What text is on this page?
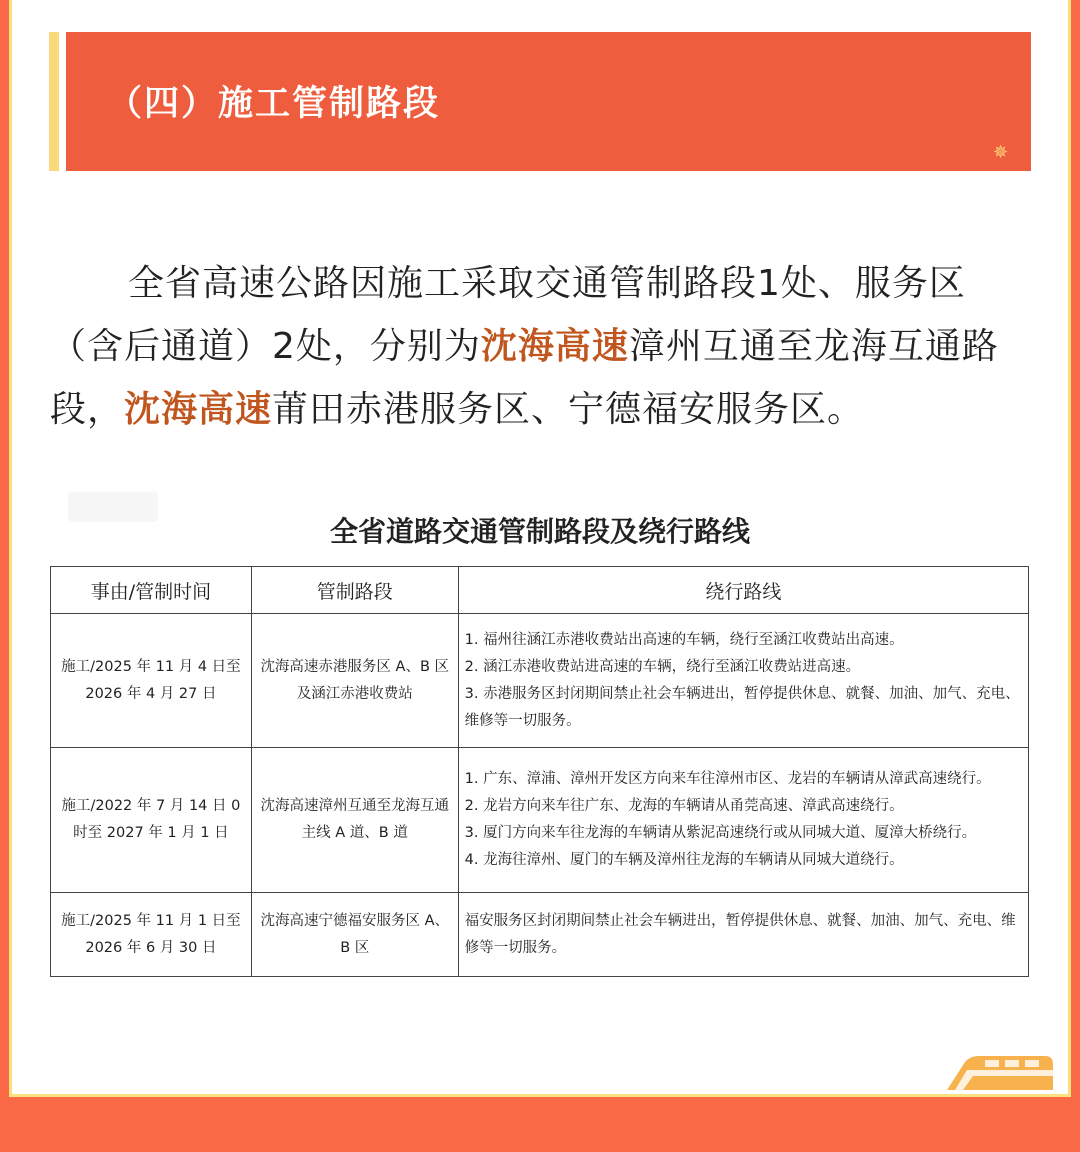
（四）施工管制路段
✵
全省高速公路因施工采取交通管制路段1处、服务区（含后通道）2处，分别为沈海高速漳州互通至龙海互通路段，沈海高速莆田赤港服务区、宁德福安服务区。
全省道路交通管制路段及绕行路线
事由/管制时间	管制路段	绕行路线
施工/2025 年 11 月 4 日至 2026 年 4 月 27 日	沈海高速赤港服务区 A、B 区及涵江赤港收费站	1. 福州往涵江赤港收费站出高速的车辆，绕行至涵江收费站出高速。
2. 涵江赤港收费站进高速的车辆，绕行至涵江收费站进高速。
3. 赤港服务区封闭期间禁止社会车辆进出，暂停提供休息、就餐、加油、加气、充电、维修等一切服务。

施工/2022 年 7 月 14 日 0 时至 2027 年 1 月 1 日	沈海高速漳州互通至龙海互通主线 A 道、B 道	1. 广东、漳浦、漳州开发区方向来车往漳州市区、龙岩的车辆请从漳武高速绕行。
2. 龙岩方向来车往广东、龙海的车辆请从甬莞高速、漳武高速绕行。
3. 厦门方向来车往龙海的车辆请从紫泥高速绕行或从同城大道、厦漳大桥绕行。
4. 龙海往漳州、厦门的车辆及漳州往龙海的车辆请从同城大道绕行。

施工/2025 年 11 月 1 日至 2026 年 6 月 30 日	沈海高速宁德福安服务区 A、B 区	福安服务区封闭期间禁止社会车辆进出，暂停提供休息、就餐、加油、加气、充电、维修等一切服务。
